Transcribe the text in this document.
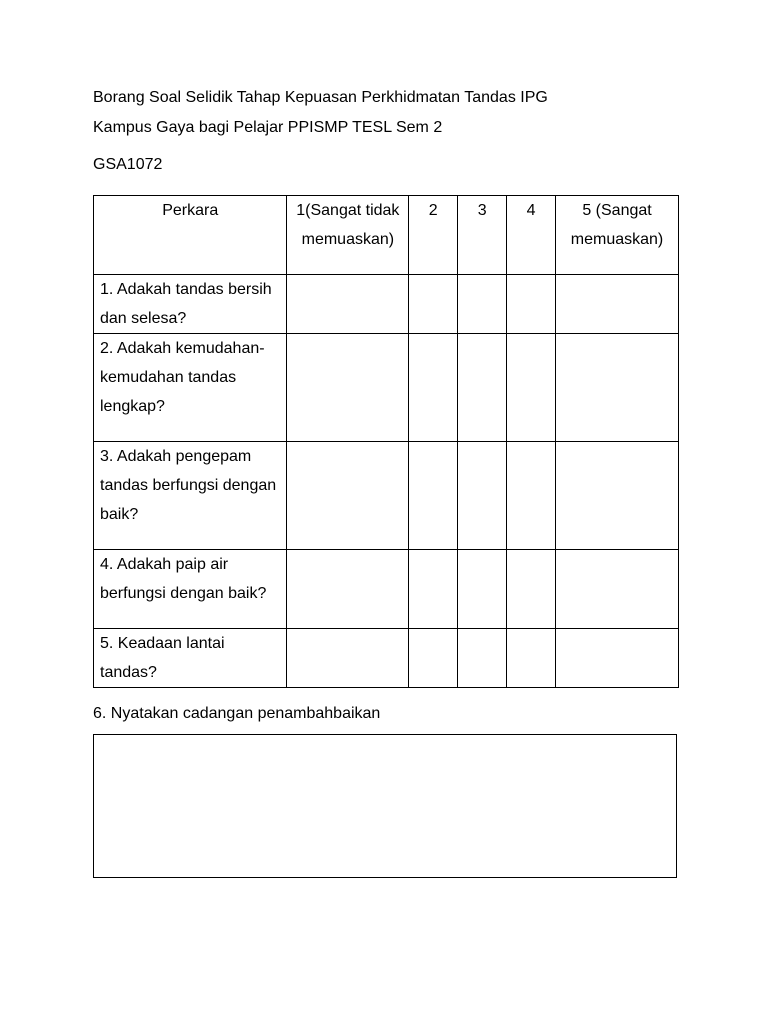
Borang Soal Selidik Tahap Kepuasan Perkhidmatan Tandas IPG
Kampus Gaya bagi Pelajar PPISMP TESL Sem 2
GSA1072
Perkara	1(Sangat tidak memuaskan)	2	3	4	5 (Sangat memuaskan)
1. Adakah tandas bersih dan selesa?					
2. Adakah kemudahan-kemudahan tandas lengkap?					
3. Adakah pengepam tandas berfungsi dengan baik?					
4. Adakah paip air berfungsi dengan baik?					
5. Keadaan lantai tandas?					
6. Nyatakan cadangan penambahbaikan
